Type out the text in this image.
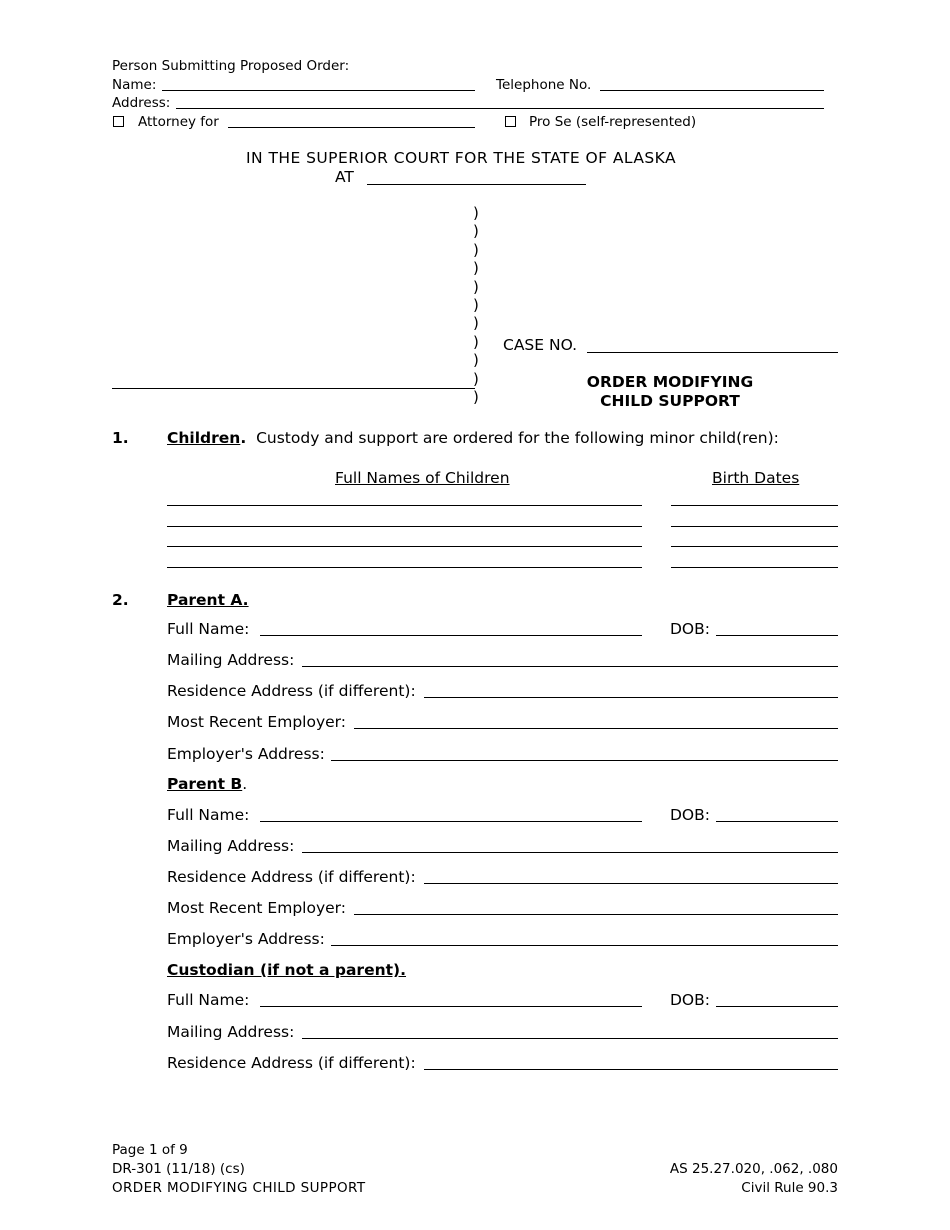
Person Submitting Proposed Order:
Name:	Telephone No.
Address:
Attorney for	Pro Se (self-represented)
IN THE SUPERIOR COURT FOR THE STATE OF ALASKA
AT
)
)
)
)
)
)
)
)
)
)
)
CASE NO.
ORDER MODIFYING
CHILD SUPPORT
1. Children. Custody and support are ordered for the following minor child(ren):
Full Names of Children	Birth Dates
2. Parent A.
Full Name:	DOB:
Mailing Address:
Residence Address (if different):
Most Recent Employer:
Employer's Address:
Parent B.
Full Name:	DOB:
Mailing Address:
Residence Address (if different):
Most Recent Employer:
Employer's Address:
Custodian (if not a parent).
Full Name:	DOB:
Mailing Address:
Residence Address (if different):
Page 1 of 9
DR-301 (11/18) (cs)
ORDER MODIFYING CHILD SUPPORT
AS 25.27.020, .062, .080
Civil Rule 90.3
